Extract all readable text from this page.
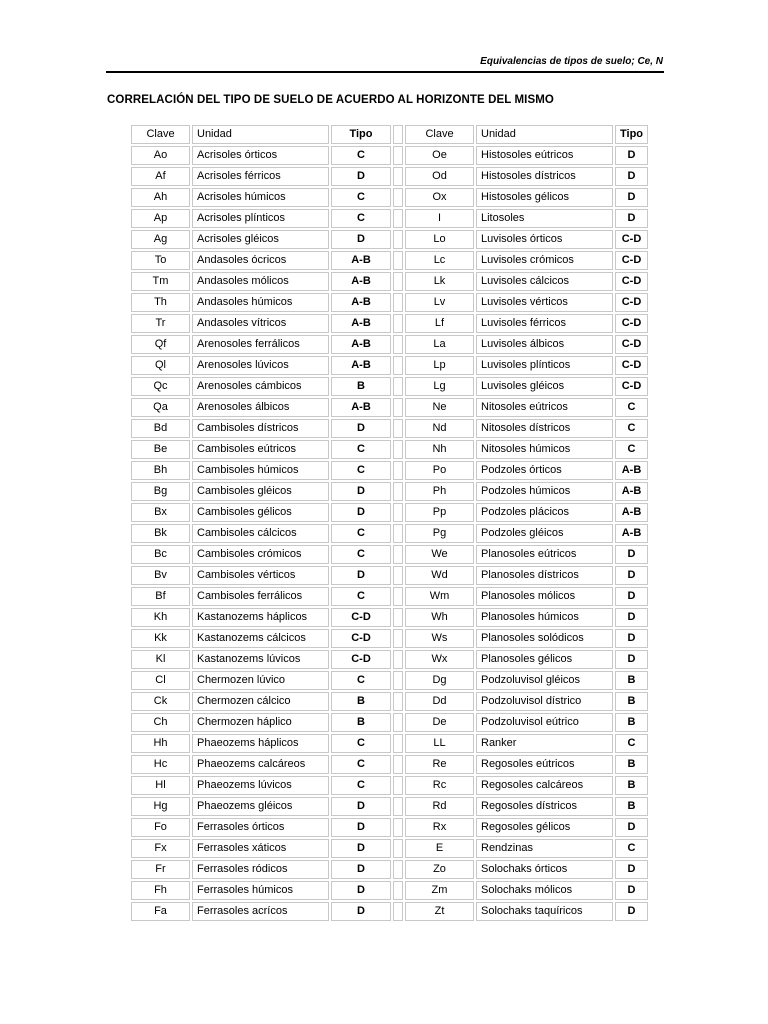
Equivalencias de tipos de suelo; Ce, N
CORRELACIÓN DEL TIPO DE SUELO DE ACUERDO AL HORIZONTE DEL MISMO
Clave	Unidad	Tipo		Clave	Unidad	Tipo
Ao	Acrisoles órticos	C		Oe	Histosoles eútricos	D
Af	Acrisoles férricos	D		Od	Histosoles dístricos	D
Ah	Acrisoles húmicos	C		Ox	Histosoles gélicos	D
Ap	Acrisoles plínticos	C		I	Litosoles	D
Ag	Acrisoles gléicos	D		Lo	Luvisoles órticos	C-D
To	Andasoles ócricos	A-B		Lc	Luvisoles crómicos	C-D
Tm	Andasoles mólicos	A-B		Lk	Luvisoles cálcicos	C-D
Th	Andasoles húmicos	A-B		Lv	Luvisoles vérticos	C-D
Tr	Andasoles vítricos	A-B		Lf	Luvisoles férricos	C-D
Qf	Arenosoles ferrálicos	A-B		La	Luvisoles álbicos	C-D
Ql	Arenosoles lúvicos	A-B		Lp	Luvisoles plínticos	C-D
Qc	Arenosoles cámbicos	B		Lg	Luvisoles gléicos	C-D
Qa	Arenosoles álbicos	A-B		Ne	Nitosoles eútricos	C
Bd	Cambisoles dístricos	D		Nd	Nitosoles dístricos	C
Be	Cambisoles eútricos	C		Nh	Nitosoles húmicos	C
Bh	Cambisoles húmicos	C		Po	Podzoles órticos	A-B
Bg	Cambisoles gléicos	D		Ph	Podzoles húmicos	A-B
Bx	Cambisoles gélicos	D		Pp	Podzoles plácicos	A-B
Bk	Cambisoles cálcicos	C		Pg	Podzoles gléicos	A-B
Bc	Cambisoles crómicos	C		We	Planosoles eútricos	D
Bv	Cambisoles vérticos	D		Wd	Planosoles dístricos	D
Bf	Cambisoles ferrálicos	C		Wm	Planosoles mólicos	D
Kh	Kastanozems háplicos	C-D		Wh	Planosoles húmicos	D
Kk	Kastanozems cálcicos	C-D		Ws	Planosoles solódicos	D
Kl	Kastanozems lúvicos	C-D		Wx	Planosoles gélicos	D
Cl	Chermozen lúvico	C		Dg	Podzoluvisol gléicos	B
Ck	Chermozen cálcico	B		Dd	Podzoluvisol dístrico	B
Ch	Chermozen háplico	B		De	Podzoluvisol eútrico	B
Hh	Phaeozems háplicos	C		LL	Ranker	C
Hc	Phaeozems calcáreos	C		Re	Regosoles eútricos	B
Hl	Phaeozems lúvicos	C		Rc	Regosoles calcáreos	B
Hg	Phaeozems gléicos	D		Rd	Regosoles dístricos	B
Fo	Ferrasoles órticos	D		Rx	Regosoles gélicos	D
Fx	Ferrasoles xáticos	D		E	Rendzinas	C
Fr	Ferrasoles ródicos	D		Zo	Solochaks órticos	D
Fh	Ferrasoles húmicos	D		Zm	Solochaks mólicos	D
Fa	Ferrasoles acrícos	D		Zt	Solochaks taquíricos	D
